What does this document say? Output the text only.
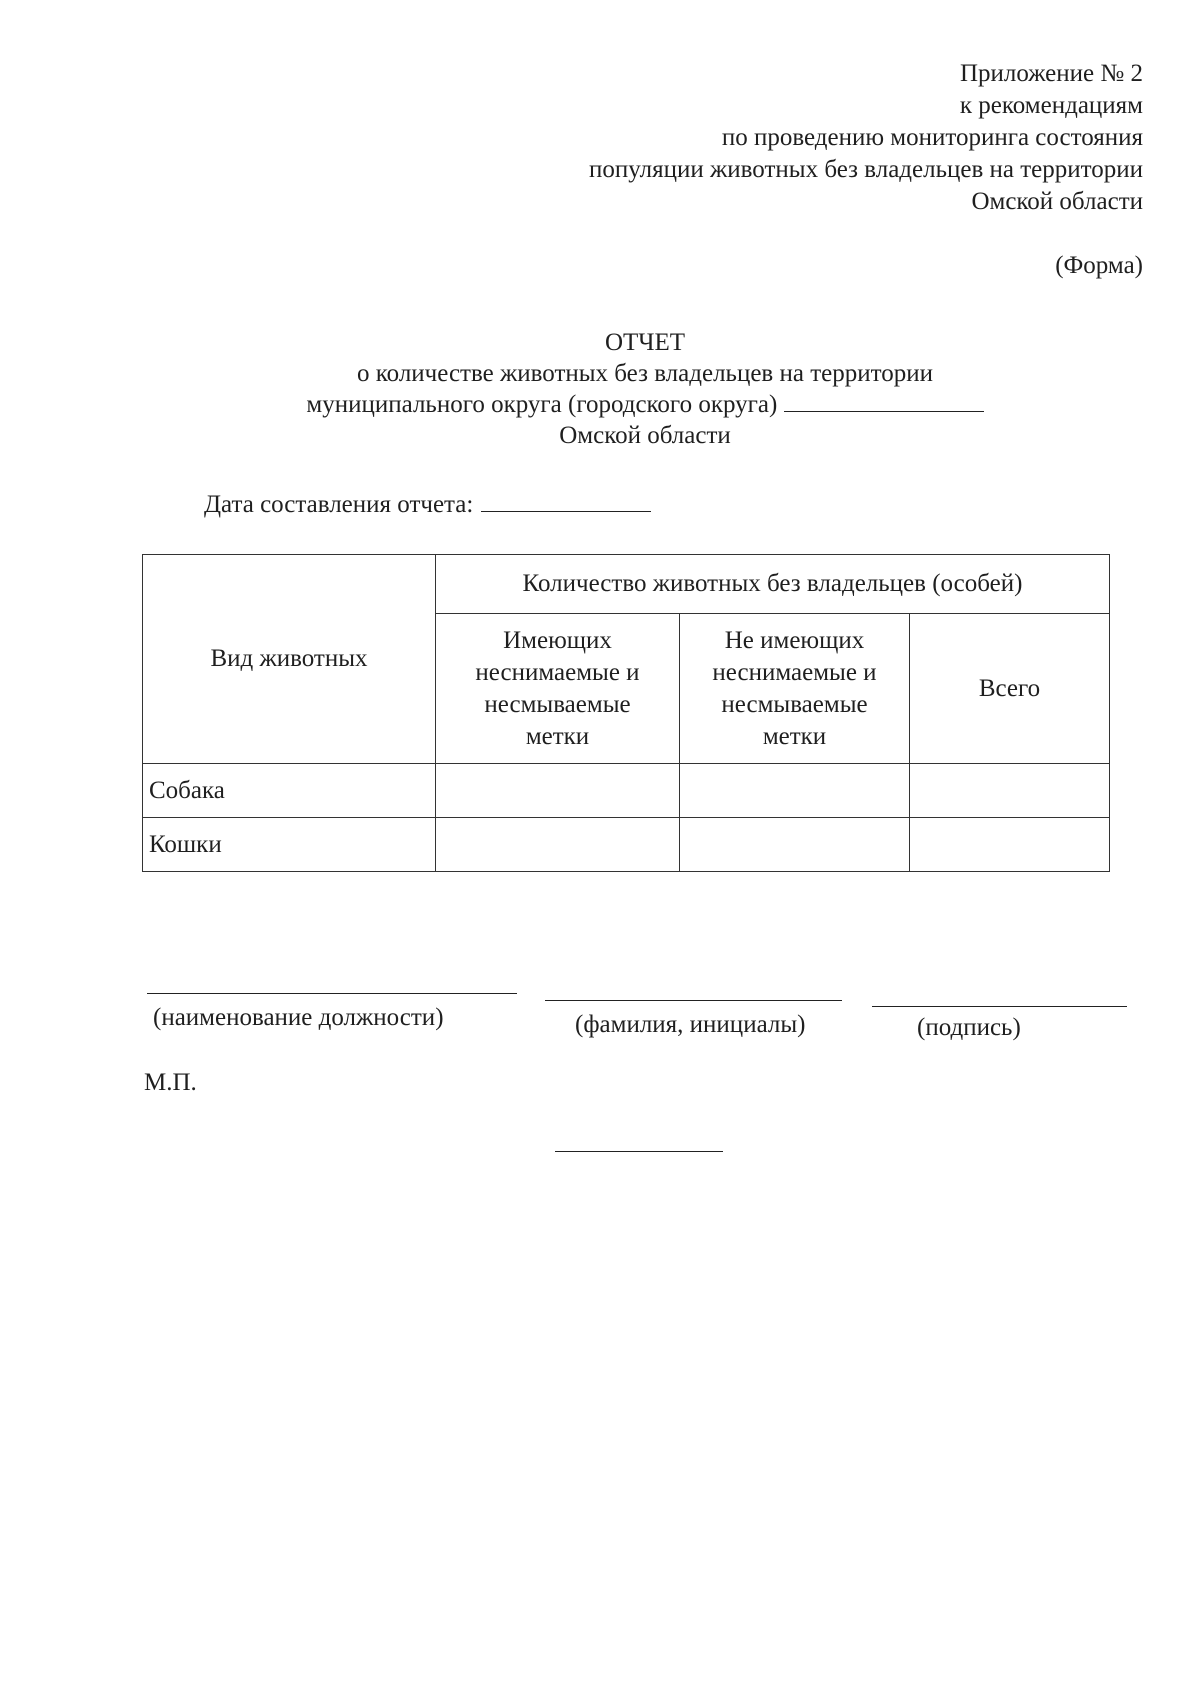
Приложение № 2
к рекомендациям
по проведению мониторинга состояния
популяции животных без владельцев на территории
Омской области
(Форма)
ОТЧЕТ
о количестве животных без владельцев на территории
муниципального округа (городского округа)
Омской области
Дата составления отчета:
Вид животных	Количество животных без владельцев (особей)		

	Имеющих неснимаемые и несмываемые метки	Не имеющих неснимаемые и несмываемые метки	Всего
Собака			
Кошки			
(наименование должности)	(фамилия, инициалы)	(подпись)
М.П.
